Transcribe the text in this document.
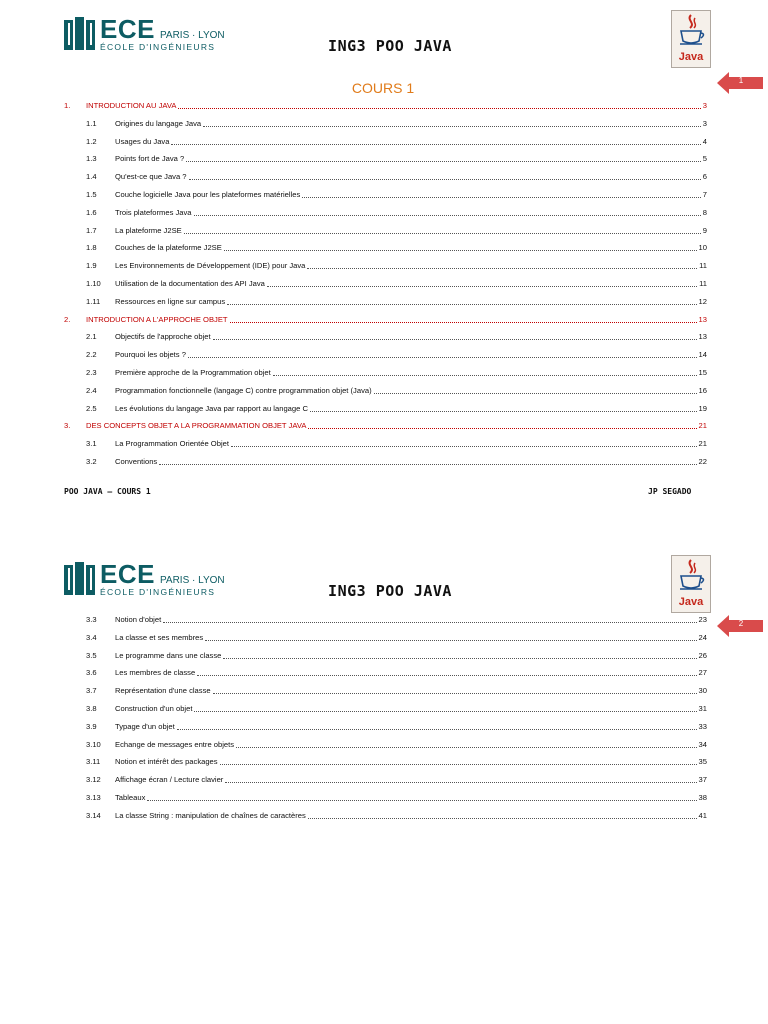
ECE PARIS · LYON
ÉCOLE D'INGÉNIEURS	ING3 POO JAVA
Java
1
COURS 1
1.	INTRODUCTION AU JAVA	3
1.1	Origines du langage Java	3
1.2	Usages du Java	4
1.3	Points fort de Java ?	5
1.4	Qu'est-ce que Java ?	6
1.5	Couche logicielle Java pour les plateformes matérielles	7
1.6	Trois plateformes Java	8
1.7	La plateforme J2SE	9
1.8	Couches de la plateforme J2SE	10
1.9	Les Environnements de Développement (IDE) pour Java	11
1.10	Utilisation de la documentation des API Java	11
1.11	Ressources en ligne sur campus	12
2.	INTRODUCTION A L'APPROCHE OBJET	13
2.1	Objectifs de l'approche objet	13
2.2	Pourquoi les objets ?	14
2.3	Première approche de la Programmation objet	15
2.4	Programmation fonctionnelle (langage C) contre programmation objet (Java)	16
2.5	Les évolutions du langage Java par rapport au langage C	19
3.	DES CONCEPTS OBJET A LA PROGRAMMATION OBJET JAVA	21
3.1	La Programmation Orientée Objet	21
3.2	Conventions	22
POO JAVA – COURS 1	JP SEGADO
ECE PARIS · LYON
ÉCOLE D'INGÉNIEURS	ING3 POO JAVA
Java
2
3.3	Notion d'objet	23
3.4	La classe et ses membres	24
3.5	Le programme dans une classe	26
3.6	Les membres de classe	27
3.7	Représentation d'une classe	30
3.8	Construction d'un objet	31
3.9	Typage d'un objet	33
3.10	Echange de messages entre objets	34
3.11	Notion et intérêt des packages	35
3.12	Affichage écran / Lecture clavier	37
3.13	Tableaux	38
3.14	La classe String : manipulation de chaînes de caractères	41
